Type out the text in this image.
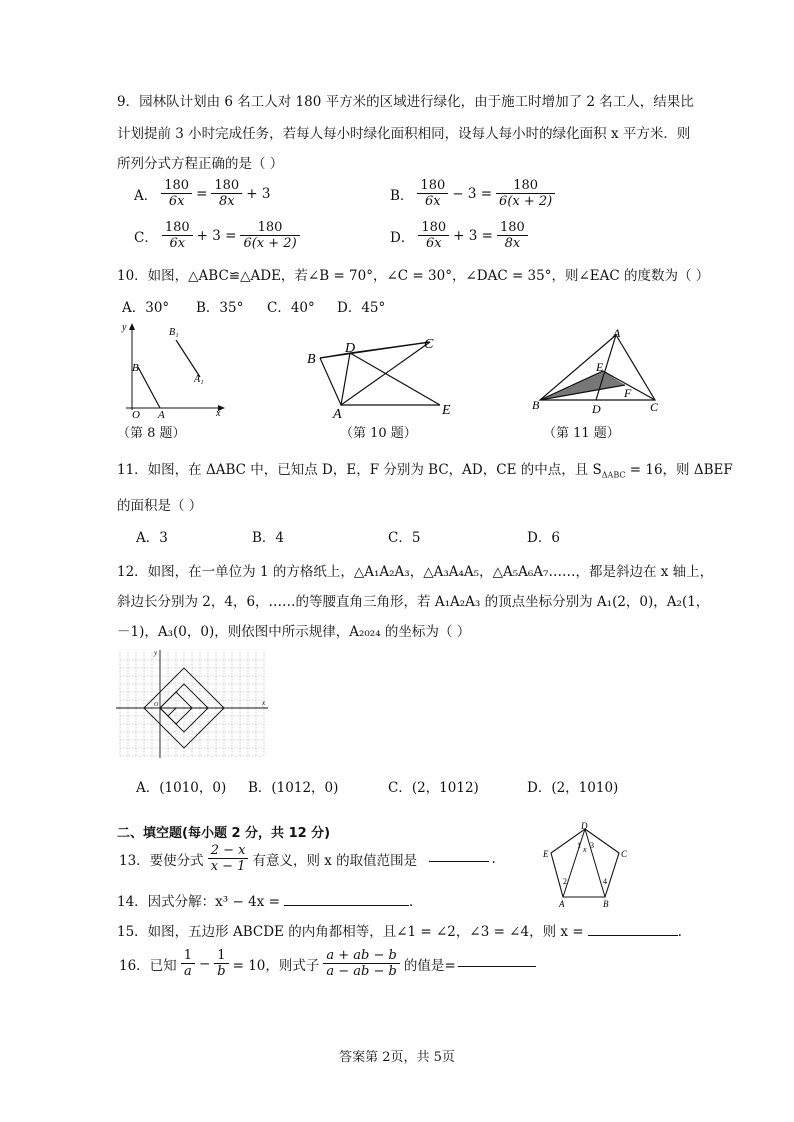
9．园林队计划由 6 名工人对 180 平方米的区域进行绿化，由于施工时增加了 2 名工人，结果比
计划提前 3 小时完成任务，若每人每小时绿化面积相同，设每人每小时的绿化面积 x 平方米．则
所列分式方程正确的是（ ）
A． $\frac{180}{6x} = \frac{180}{8x} + 3$	B． $\frac{180}{6x} - 3 = \frac{180}{6(x + 2)}$
C． $\frac{180}{6x} + 3 = \frac{180}{6(x + 2)}$	D． $\frac{180}{6x} + 3 = \frac{180}{8x}$
10．如图，△ABC≌△ADE，若∠B = 70°，∠C = 30°，∠DAC = 35°，则∠EAC 的度数为（ ）
A．30° B．35° C．40° D．45°
y	B₁
A₁
B
O A	x
（第 8 题）
B
D	C
A	E
（第 10 题）
A
E
B	D
F
C
（第 11 题）
11．如图，在 ΔABC 中，已知点 D，E，F 分别为 BC，AD，CE 的中点，且 $S_{\Delta ABC} = 16$，则 ΔBEF
的面积是（ ）
A．3	B．4	C．5	D．6
12．如图，在一单位为 1 的方格纸上，△A₁A₂A₃，△A₃A₄A₅，△A₅A₆A₇……，都是斜边在 x 轴上，
斜边长分别为 2，4，6，……的等腰直角三角形，若 A₁A₂A₃ 的顶点坐标分别为 A₁(2，0)，A₂(1，
－1)，A₃(0，0)，则依图中所示规律，A₂₀₂₄ 的坐标为（ ）
x
y
O
A．(1010，0) B．(1012，0)	C．(2，1012)	D．(2，1010)
二、填空题(每小题 2 分，共 12 分)	D
E	C
A	B
1 x 3
2	4
13．要使分式 $\frac{2 - x}{x - 1}$ 有意义，则 x 的取值范围是	.
14．因式分解：x³ − 4x =	.
15．如图，五边形 ABCDE 的内角都相等，且∠1 = ∠2，∠3 = ∠4，则 x =	.
16．已知 $\frac{1}{a} - \frac{1}{b} = 10$，则式子 $\frac{a + ab - b}{a - ab - b}$ 的值是=
答案第 2页，共 5页
